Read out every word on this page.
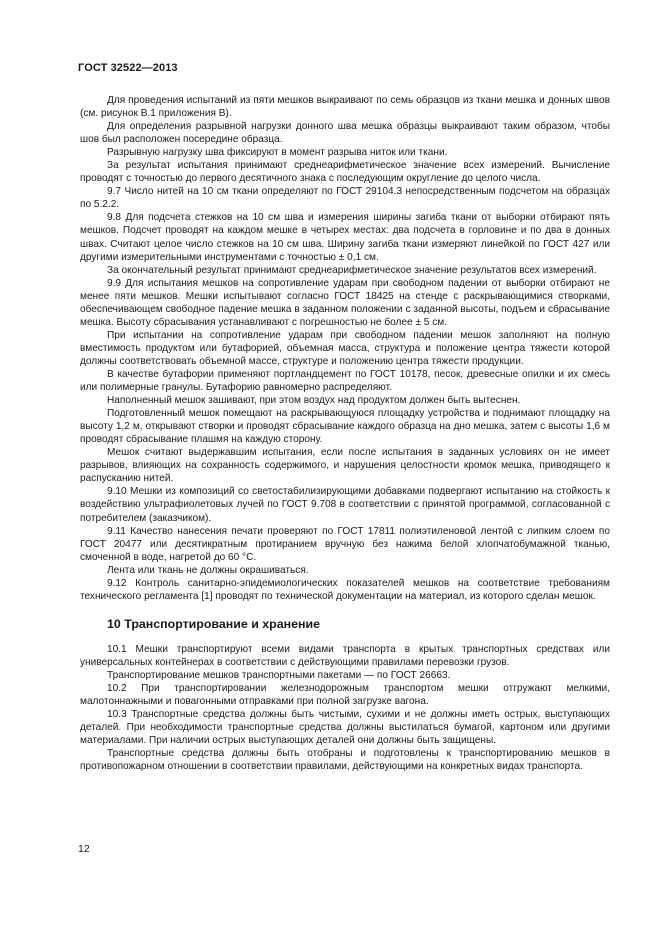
ГОСТ 32522—2013

Для проведения испытаний из пяти мешков выкраивают по семь образцов из ткани мешка и донных швов (см. рисунок В.1 приложения В).

Для определения разрывной нагрузки донного шва мешка образцы выкраивают таким образом, чтобы шов был расположен посередине образца.

Разрывную нагрузку шва фиксируют в момент разрыва ниток или ткани.

За результат испытания принимают среднеарифметическое значение всех измерений. Вычисление проводят с точностью до первого десятичного знака с последующим округление до целого числа.

9.7 Число нитей на 10 см ткани определяют по ГОСТ 29104.3 непосредственным подсчетом на образцах по 5.2.2.

9.8 Для подсчета стежков на 10 см шва и измерения ширины загиба ткани от выборки отбирают пять мешков. Подсчет проводят на каждом мешке в четырех местах: два подсчета в горловине и по два в донных швах. Считают целое число стежков на 10 см шва. Ширину загиба ткани измеряют линейкой по ГОСТ 427 или другими измерительными инструментами с точностью ± 0,1 см.

За окончательный результат принимают среднеарифметическое значение результатов всех измерений.

9.9 Для испытания мешков на сопротивление ударам при свободном падении от выборки отбирают не менее пяти мешков. Мешки испытывают согласно ГОСТ 18425 на стенде с раскрывающимися створками, обеспечивающем свободное падение мешка в заданном положении с заданной высоты, подъем и сбрасывание мешка. Высоту сбрасывания устанавливают с погрешностью не более ± 5 см.

При испытании на сопротивление ударам при свободном падении мешок заполняют на полную вместимость продуктом или бутафорией, объемная масса, структура и положение центра тяжести которой должны соответствовать объемной массе, структуре и положению центра тяжести продукции.

В качестве бутафории применяют портландцемент по ГОСТ 10178, песок, древесные опилки и их смесь или полимерные гранулы. Бутафорию равномерно распределяют.

Наполненный мешок зашивают, при этом воздух над продуктом должен быть вытеснен.

Подготовленный мешок помещают на раскрывающуюся площадку устройства и поднимают площадку на высоту 1,2 м, открывают створки и проводят сбрасывание каждого образца на дно мешка, затем с высоты 1,6 м проводят сбрасывание плашмя на каждую сторону.

Мешок считают выдержавшим испытания, если после испытания в заданных условиях он не имеет разрывов, влияющих на сохранность содержимого, и нарушения целостности кромок мешка, приводящего к распусканию нитей.

9.10 Мешки из композиций со светостабилизирующими добавками подвергают испытанию на стойкость к воздействию ультрафиолетовых лучей по ГОСТ 9.708 в соответствии с принятой программой, согласованной с потребителем (заказчиком).

9.11 Качество нанесения печати проверяют по ГОСТ 17811 полиэтиленовой лентой с липким слоем по ГОСТ 20477 или десятикратным протиранием вручную без нажима белой хлопчатобумажной тканью, смоченной в воде, нагретой до 60 °С.

Лента или ткань не должны окрашиваться.

9.12 Контроль санитарно-эпидемиологических показателей мешков на соответствие требованиям технического регламента [1] проводят по технической документации на материал, из которого сделан мешок.

10 Транспортирование и хранение

10.1 Мешки транспортируют всеми видами транспорта в крытых транспортных средствах или универсальных контейнерах в соответствии с действующими правилами перевозки грузов.

Транспортирование мешков транспортными пакетами — по ГОСТ 26663.

10.2 При транспортировании железнодорожным транспортом мешки отгружают мелкими, малотоннажными и повагонными отправками при полной загрузке вагона.

10.3 Транспортные средства должны быть чистыми, сухими и не должны иметь острых, выступающих деталей. При необходимости транспортные средства должны выстилаться бумагой, картоном или другими материалами. При наличии острых выступающих деталей они должны быть защищены.

Транспортные средства должны быть отобраны и подготовлены к транспортированию мешков в противопожарном отношении в соответствии правилами, действующими на конкретных видах транспорта.

12
